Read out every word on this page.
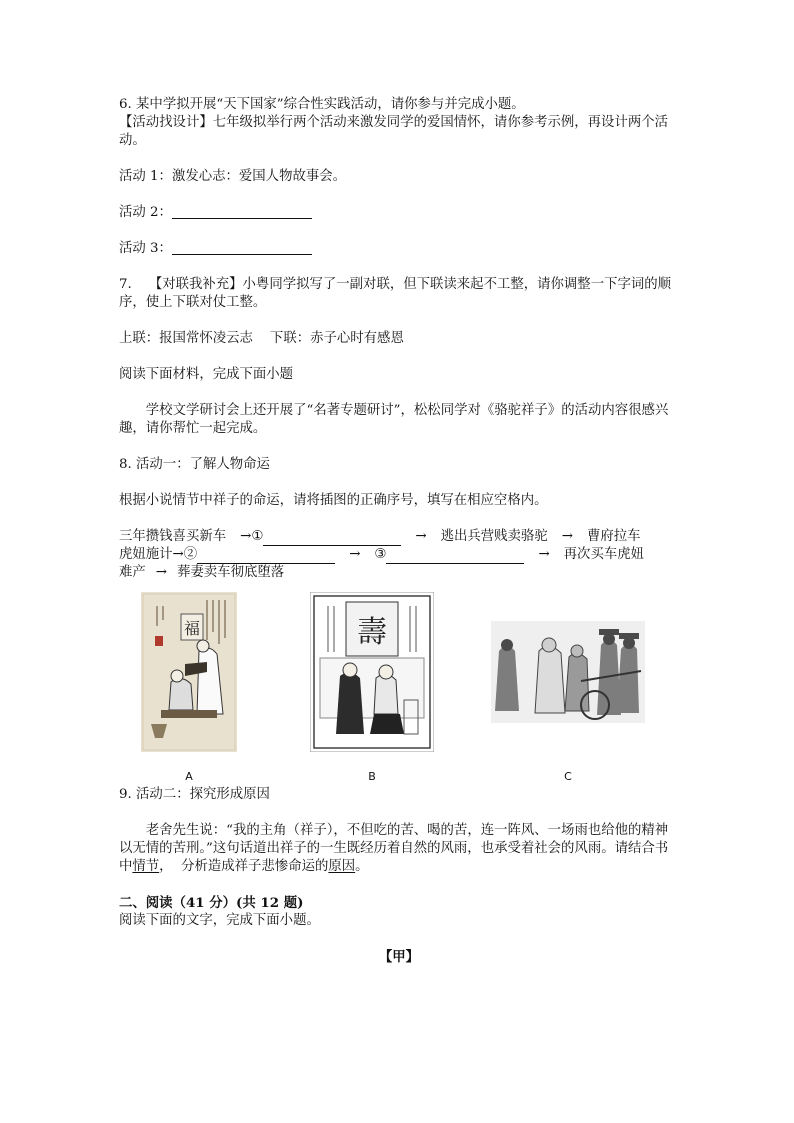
6. 某中学拟开展“天下国家”综合性实践活动，请你参与并完成小题。

【活动找设计】七年级拟举行两个活动来激发同学的爱国情怀，请你参考示例，再设计两个活动。

活动 1：激发心志：爱国人物故事会。

活动 2：

活动 3：

7. 【对联我补充】小粤同学拟写了一副对联，但下联读来起不工整，请你调整一下字词的顺序，使上下联对仗工整。

上联：报国常怀凌云志    下联：赤子心时有感恩

阅读下面材料，完成下面小题

学校文学研讨会上还开展了“名著专题研讨”，松松同学对《骆驼祥子》的活动内容很感兴趣，请你帮忙一起完成。

8. 活动一：了解人物命运

根据小说情节中祥子的命运，请将插图的正确序号，填写在相应空格内。

三年攒钱喜买新车 →①	→ 逃出兵营贱卖骆驼 → 曹府拉车
虎妞施计→②	→ ③	→ 再次买车虎妞
难产 → 葬妻卖车彻底堕落
福
A
壽
B	C

9. 活动二：探究形成原因

老舍先生说：“我的主角（祥子），不但吃的苦、喝的苦，连一阵风、一场雨也给他的精神以无情的苦刑。”这句话道出祥子的一生既经历着自然的风雨，也承受着社会的风雨。请结合书中情节，  分析造成祥子悲惨命运的原因。

二、阅读（41 分）(共 12 题)

阅读下面的文字，完成下面小题。

【甲】
